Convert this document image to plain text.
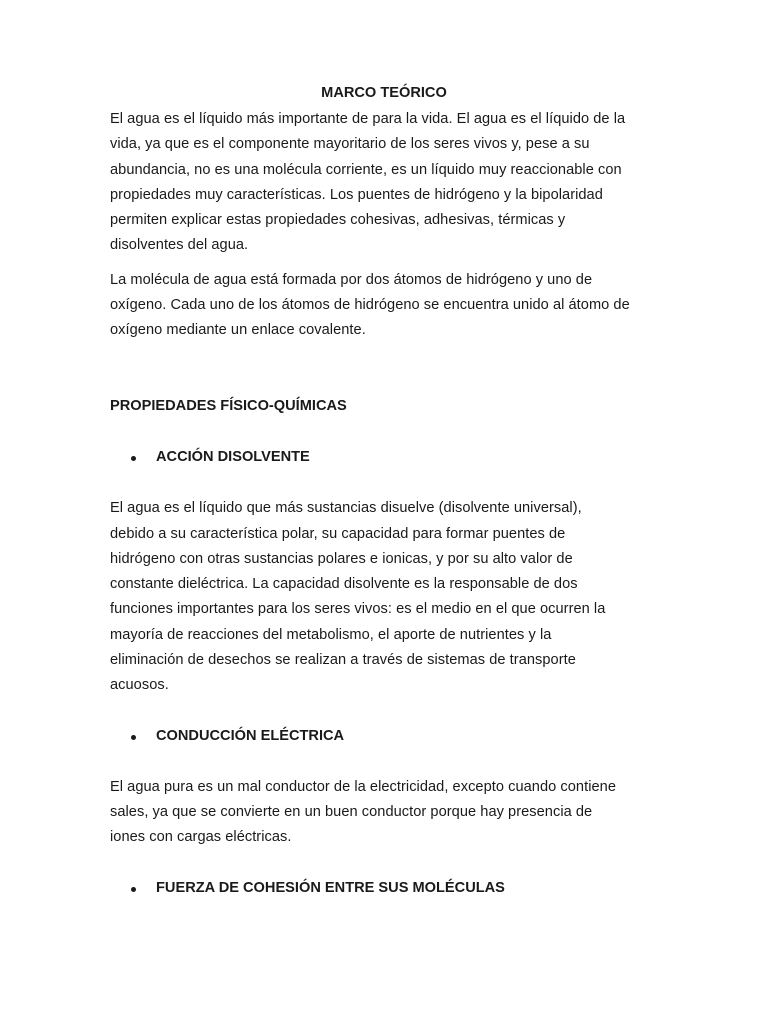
MARCO TEÓRICO
El agua es el líquido más importante de para la vida. El agua es el líquido de la
vida, ya que es el componente mayoritario de los seres vivos y, pese a su
abundancia, no es una molécula corriente, es un líquido muy reaccionable con
propiedades muy características. Los puentes de hidrógeno y la bipolaridad
permiten explicar estas propiedades cohesivas, adhesivas, térmicas y
disolventes del agua.
La molécula de agua está formada por dos átomos de hidrógeno y uno de
oxígeno. Cada uno de los átomos de hidrógeno se encuentra unido al átomo de
oxígeno mediante un enlace covalente.
PROPIEDADES FÍSICO-QUÍMICAS
ACCIÓN DISOLVENTE
El agua es el líquido que más sustancias disuelve (disolvente universal),
debido a su característica polar, su capacidad para formar puentes de
hidrógeno con otras sustancias polares e ionicas, y por su alto valor de
constante dieléctrica. La capacidad disolvente es la responsable de dos
funciones importantes para los seres vivos: es el medio en el que ocurren la
mayoría de reacciones del metabolismo, el aporte de nutrientes y la
eliminación de desechos se realizan a través de sistemas de transporte
acuosos.
CONDUCCIÓN ELÉCTRICA
El agua pura es un mal conductor de la electricidad, excepto cuando contiene
sales, ya que se convierte en un buen conductor porque hay presencia de
iones con cargas eléctricas.
FUERZA DE COHESIÓN ENTRE SUS MOLÉCULAS
